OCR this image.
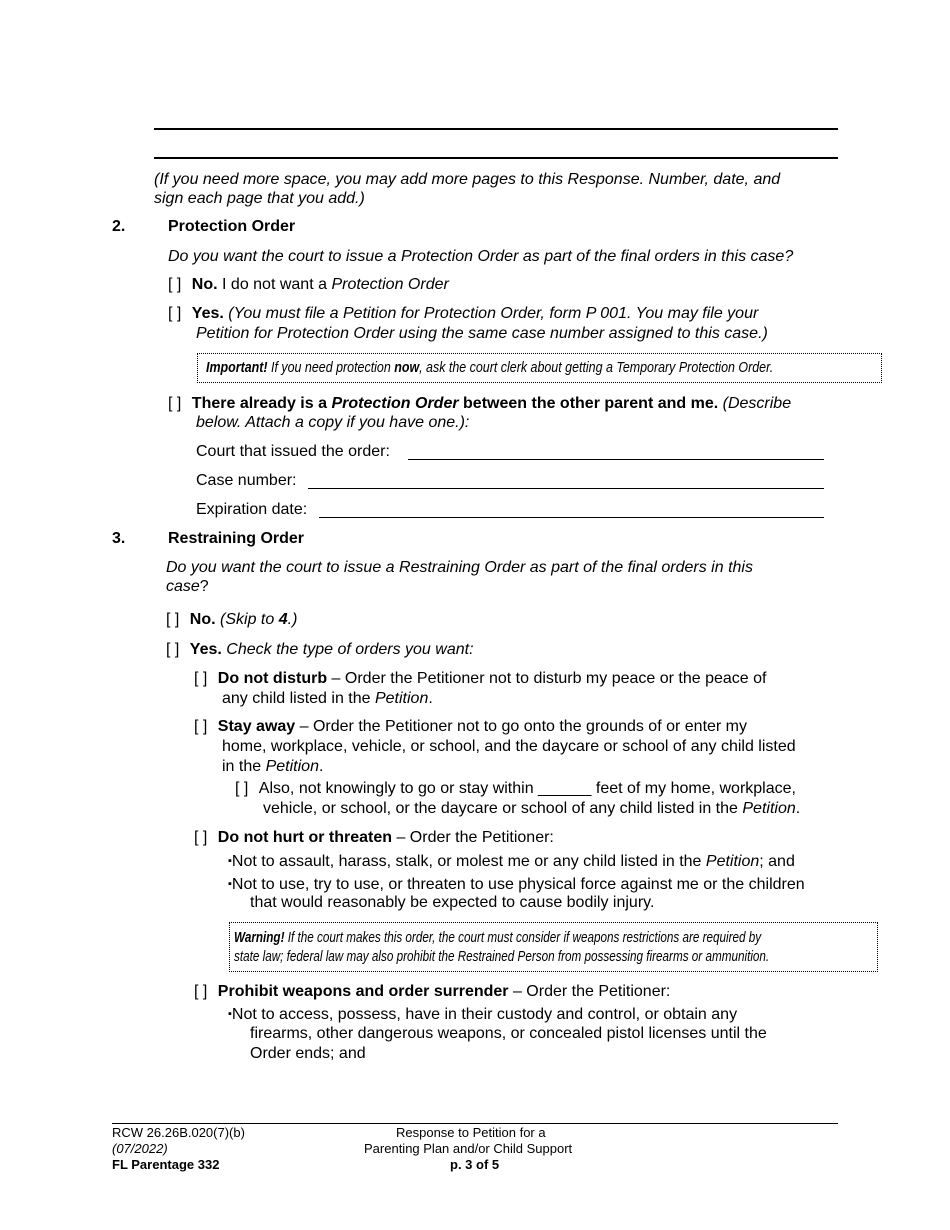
(If you need more space, you may add more pages to this Response. Number, date, and
sign each page that you add.)
2.	Protection Order
Do you want the court to issue a Protection Order as part of the final orders in this case?
[ ] No. I do not want a Protection Order
[ ] Yes. (You must file a Petition for Protection Order, form P 001. You may file your
Petition for Protection Order using the same case number assigned to this case.)
Important! If you need protection now, ask the court clerk about getting a Temporary Protection Order.
[ ] There already is a Protection Order between the other parent and me. (Describe
below. Attach a copy if you have one.):
Court that issued the order:
Case number:
Expiration date:
3.	Restraining Order
Do you want the court to issue a Restraining Order as part of the final orders in this
case?
[ ] No. (Skip to 4.)
[ ] Yes. Check the type of orders you want:
[ ] Do not disturb – Order the Petitioner not to disturb my peace or the peace of
any child listed in the Petition.
[ ] Stay away – Order the Petitioner not to go onto the grounds of or enter my
home, workplace, vehicle, or school, and the daycare or school of any child listed
in the Petition.
[ ] Also, not knowingly to go or stay within ______ feet of my home, workplace,
vehicle, or school, or the daycare or school of any child listed in the Petition.
[ ] Do not hurt or threaten – Order the Petitioner:
▪Not to assault, harass, stalk, or molest me or any child listed in the Petition; and
▪Not to use, try to use, or threaten to use physical force against me or the children
that would reasonably be expected to cause bodily injury.
Warning! If the court makes this order, the court must consider if weapons restrictions are required by
state law; federal law may also prohibit the Restrained Person from possessing firearms or ammunition.
[ ] Prohibit weapons and order surrender – Order the Petitioner:
▪Not to access, possess, have in their custody and control, or obtain any
firearms, other dangerous weapons, or concealed pistol licenses until the
Order ends; and
RCW 26.26B.020(7)(b)
(07/2022)
FL Parentage 332
Response to Petition for a
Parenting Plan and/or Child Support
p. 3 of 5
